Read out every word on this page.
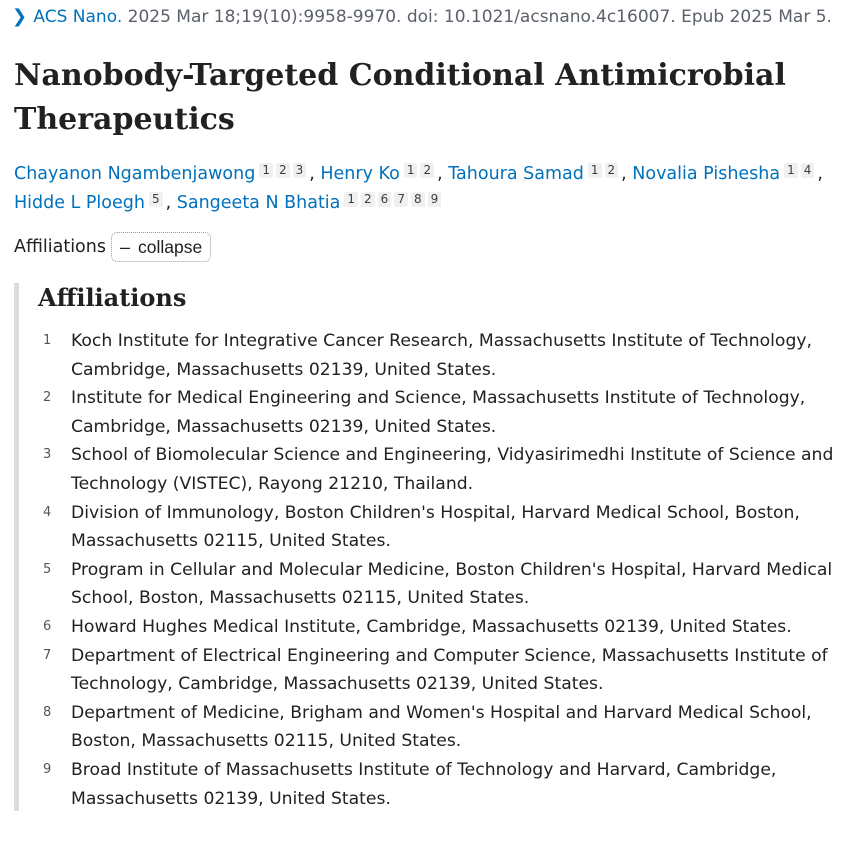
❯ ACS Nano. 2025 Mar 18;19(10):9958-9970. doi: 10.1021/acsnano.4c16007. Epub 2025 Mar 5.
Nanobody-Targeted Conditional Antimicrobial Therapeutics
Chayanon Ngambenjawong 1 2 3 , Henry Ko 1 2 , Tahoura Samad 1 2 , Novalia Pishesha 1 4 ,
Hidde L Ploegh 5 , Sangeeta N Bhatia 1 2 6 7 8 9
Affiliations – collapse
Affiliations
1	Koch Institute for Integrative Cancer Research, Massachusetts Institute of Technology, Cambridge, Massachusetts 02139, United States.
2	Institute for Medical Engineering and Science, Massachusetts Institute of Technology, Cambridge, Massachusetts 02139, United States.
3	School of Biomolecular Science and Engineering, Vidyasirimedhi Institute of Science and Technology (VISTEC), Rayong 21210, Thailand.
4	Division of Immunology, Boston Children's Hospital, Harvard Medical School, Boston, Massachusetts 02115, United States.
5	Program in Cellular and Molecular Medicine, Boston Children's Hospital, Harvard Medical School, Boston, Massachusetts 02115, United States.
6	Howard Hughes Medical Institute, Cambridge, Massachusetts 02139, United States.
7	Department of Electrical Engineering and Computer Science, Massachusetts Institute of Technology, Cambridge, Massachusetts 02139, United States.
8	Department of Medicine, Brigham and Women's Hospital and Harvard Medical School, Boston, Massachusetts 02115, United States.
9	Broad Institute of Massachusetts Institute of Technology and Harvard, Cambridge, Massachusetts 02139, United States.
